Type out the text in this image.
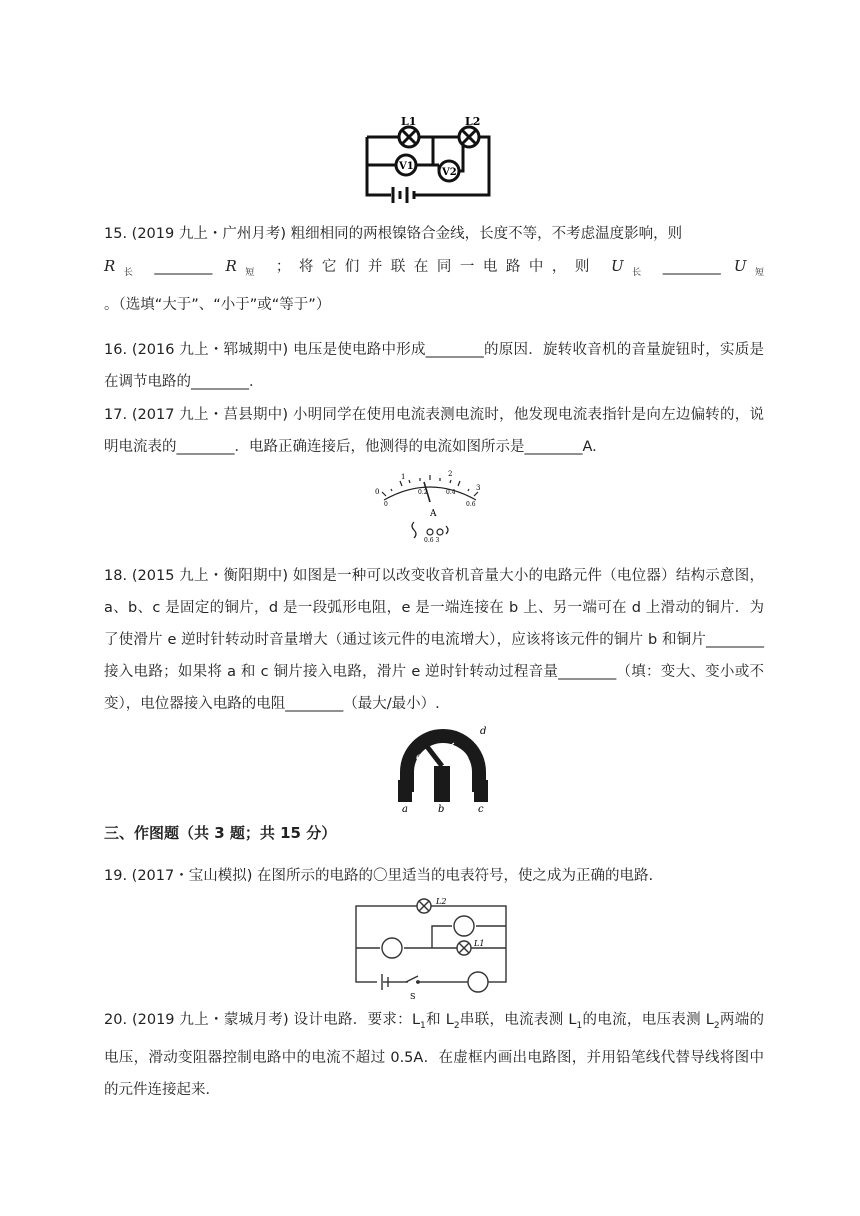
L1	L2
V1
V2
15. (2019 九上・广州月考) 粗细相同的两根镍铬合金线，长度不等，不考虑温度影响，则
$R_长$ ________ $R_短$ ；将它们并联在同一电路中，则 $U_长$ ________ $U_短$ 。（选填“大于”、“小于”或“等于”）
16. (2016 九上・郓城期中) 电压是使电路中形成________的原因．旋转收音机的音量旋钮时，实质是在调节电路的________．
17. (2017 九上・莒县期中) 小明同学在使用电流表测电流时，他发现电流表指针是向左边偏转的，说明电流表的________．电路正确连接后，他测得的电流如图所示是________A.
0
1	2
3
0
0.2	0.4
0.6
A
0.6 3
18. (2015 九上・衡阳期中) 如图是一种可以改变收音机音量大小的电路元件（电位器）结构示意图，a、b、c 是固定的铜片，d 是一段弧形电阻，e 是一端连接在 b 上、另一端可在 d 上滑动的铜片．为了使滑片 e 逆时针转动时音量增大（通过该元件的电流增大），应该将该元件的铜片 b 和铜片________接入电路；如果将 a 和 c 铜片接入电路，滑片 e 逆时针转动过程音量________（填：变大、变小或不变），电位器接入电路的电阻________（最大/最小）.
a	b	c
d
e
三、作图题（共 3 题；共 15 分）
19. (2017・宝山模拟) 在图所示的电路的〇里适当的电表符号，使之成为正确的电路.
L2
L1
S
20. (2019 九上・蒙城月考) 设计电路．要求：$L_1$和 $L_2$串联，电流表测 $L_1$的电流，电压表测 $L_2$两端的电压，滑动变阻器控制电路中的电流不超过 0.5A．在虚框内画出电路图，并用铅笔线代替导线将图中的元件连接起来．
